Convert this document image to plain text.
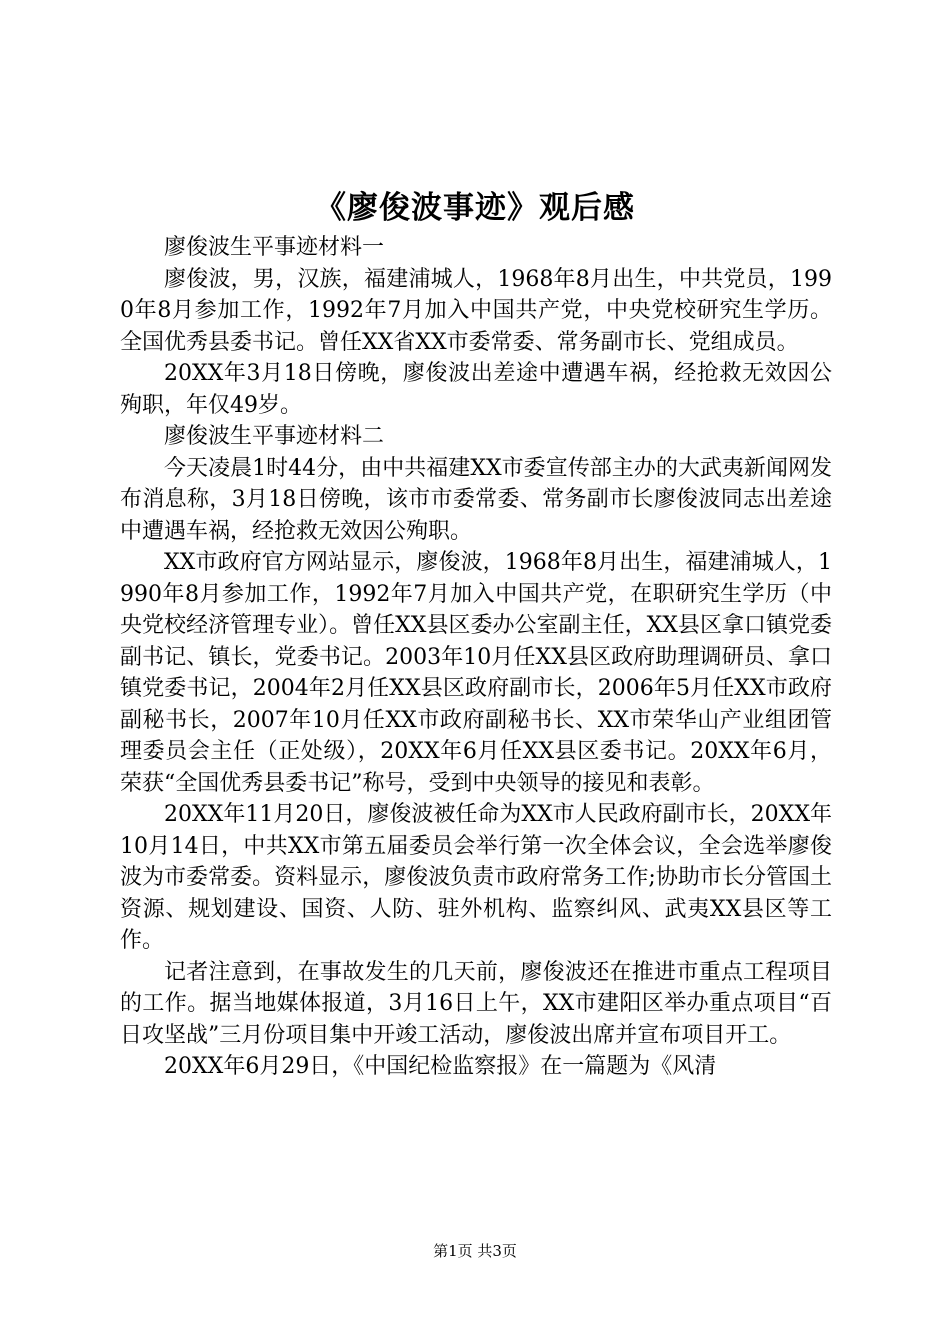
《廖俊波事迹》观后感

廖俊波生平事迹材料一

廖俊波，男，汉族，福建浦城人，1968年8月出生，中共党员，1990年8月参加工作，1992年7月加入中国共产党，中央党校研究生学历。全国优秀县委书记。曾任XX省XX市委常委、常务副市长、党组成员。

20XX年3月18日傍晚，廖俊波出差途中遭遇车祸，经抢救无效因公殉职，年仅49岁。

廖俊波生平事迹材料二

今天凌晨1时44分，由中共福建XX市委宣传部主办的大武夷新闻网发布消息称，3月18日傍晚，该市市委常委、常务副市长廖俊波同志出差途中遭遇车祸，经抢救无效因公殉职。

XX市政府官方网站显示，廖俊波，1968年8月出生，福建浦城人，1990年8月参加工作，1992年7月加入中国共产党，在职研究生学历（中央党校经济管理专业）。曾任XX县区委办公室副主任，XX县区拿口镇党委副书记、镇长，党委书记。2003年10月任XX县区政府助理调研员、拿口镇党委书记，2004年2月任XX县区政府副市长，2006年5月任XX市政府副秘书长，2007年10月任XX市政府副秘书长、XX市荣华山产业组团管理委员会主任（正处级），20XX年6月任XX县区委书记。20XX年6月，荣获“全国优秀县委书记”称号，受到中央领导的接见和表彰。

20XX年11月20日，廖俊波被任命为XX市人民政府副市长，20XX年10月14日，中共XX市第五届委员会举行第一次全体会议，全会选举廖俊波为市委常委。资料显示，廖俊波负责市政府常务工作;协助市长分管国土资源、规划建设、国资、人防、驻外机构、监察纠风、武夷XX县区等工作。

记者注意到，在事故发生的几天前，廖俊波还在推进市重点工程项目的工作。据当地媒体报道，3月16日上午，XX市建阳区举办重点项目“百日攻坚战”三月份项目集中开竣工活动，廖俊波出席并宣布项目开工。

20XX年6月29日，《中国纪检监察报》在一篇题为《风清

第1页 共3页
